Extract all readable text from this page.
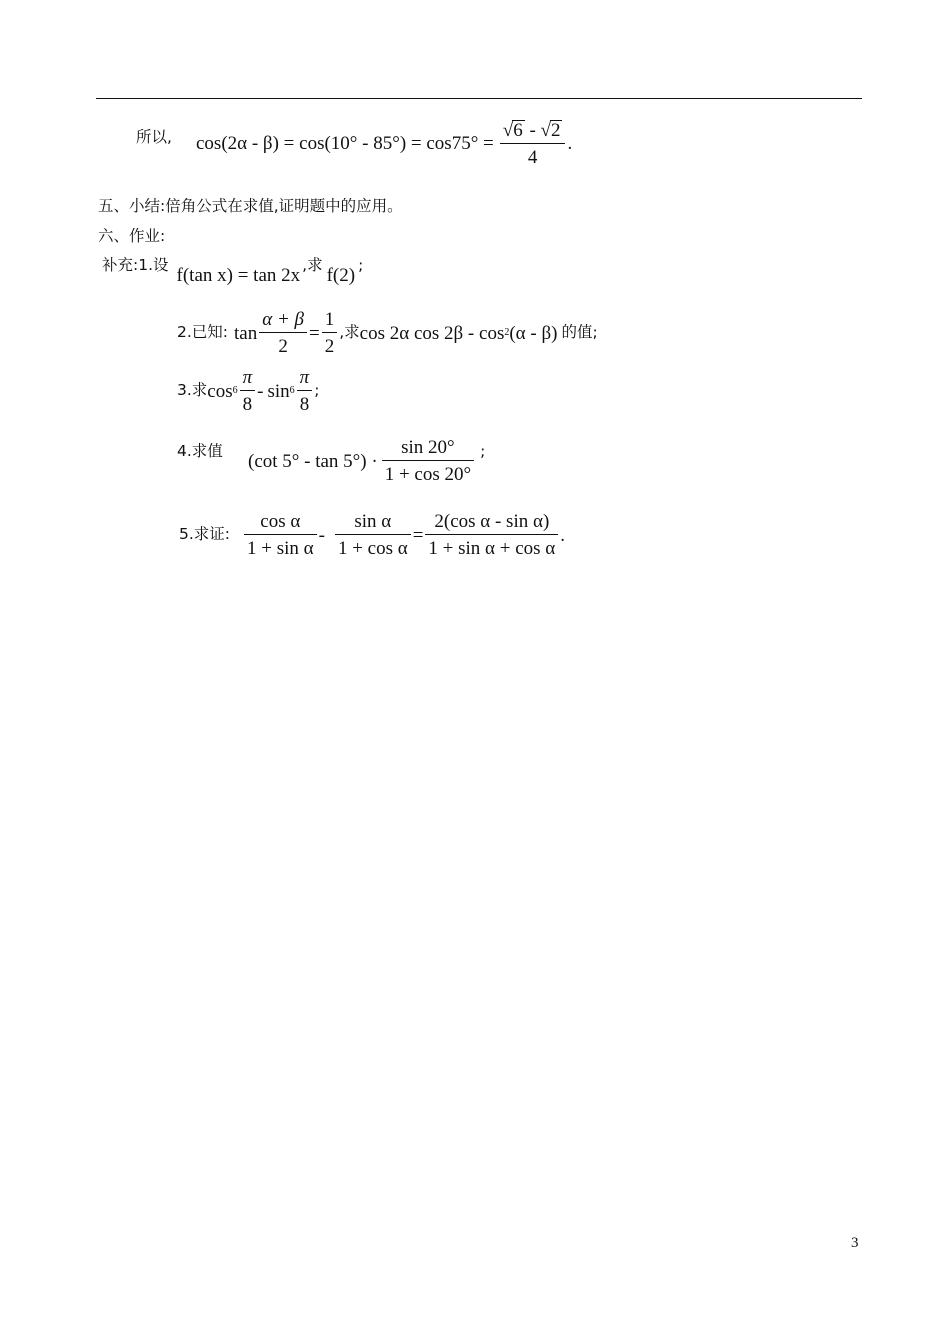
所以, $\cos(2\alpha - \beta) = \cos(10^\circ - 85^\circ) = \cos 75^\circ = \frac{√6 - √2}{4}$ .
五、小结:倍角公式在求值,证明题中的应用。
六、作业:
补充:1.设
f(tan x) = tan 2x
,求
f(2)
;
2.已知: $\tan \frac{\alpha + \beta}{2} = \frac{1}{2}$ ,求 cos 2α cos 2β - cos 2 (α - β) 的值;
3.求 $\cos 6 \frac{\pi}{8}$ - $\sin 6 \frac{\pi}{8}$ ;
4.求值 (cot $5^\circ - \tan 5^\circ) \cdot \frac{\sin 20^\circ}{1 + \cos 20^\circ}$ ;
5.求证: $\frac{\text{cos α}}{\text{1 + sin α}} - \frac{\text{sin α}}{\text{1 + cos α}} = \frac{\text{2(cos α - sin α)}}{\text{1 + sin α + cos α}}$ .
3
